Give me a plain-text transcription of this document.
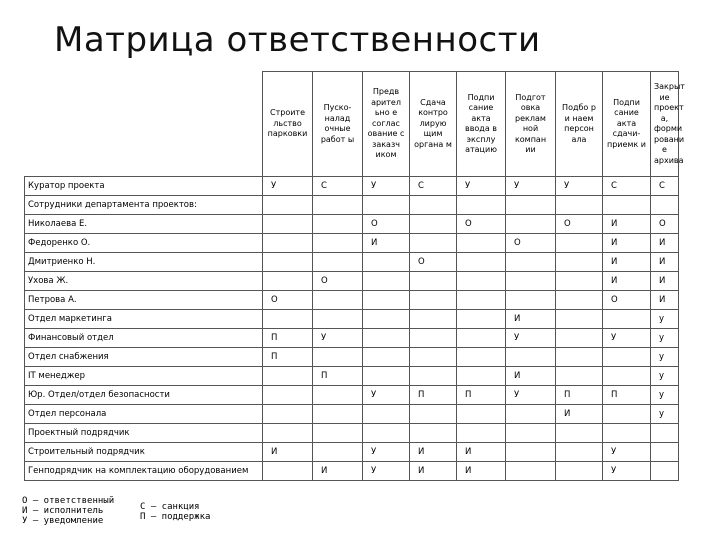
Матрица ответственности
	Строите льство парковки	Пуско-налад очные работ ы	Предв арител ьно е соглас ование с заказч иком	Сдача контро лирую щим органа м	Подпи сание акта ввода в эксплу атацию	Подгот овка реклам ной компан ии	Подбо р и наем персон ала	Подпи сание акта сдачи-приемк и	Закрыт ие проект а, форми ровани е архива
Куратор проекта	У	С	У	С	У	У	У	С	С
Сотрудники департамента проектов:									
Николаева Е.			О		О		О	И	О
Федоренко О.			И			О		И	И
Дмитриенко Н.				О				И	И
Ухова Ж.		О						И	И
Петрова А.	О							О	И
Отдел маркетинга						И			у
Финансовый отдел	П	У				У		У	у
Отдел снабжения	П								у
IT менеджер		П				И			у
Юр. Отдел/отдел безопасности			У	П	П	У	П	П	у
Отдел персонала							И		у
Проектный подрядчик									
Строительный подрядчик	И		У	И	И			У	
Генподрядчик на комплектацию оборудованием		И	У	И	И			У	
О – ответственный
И – исполнитель
У – уведомление
С – санкция
П – поддержка
